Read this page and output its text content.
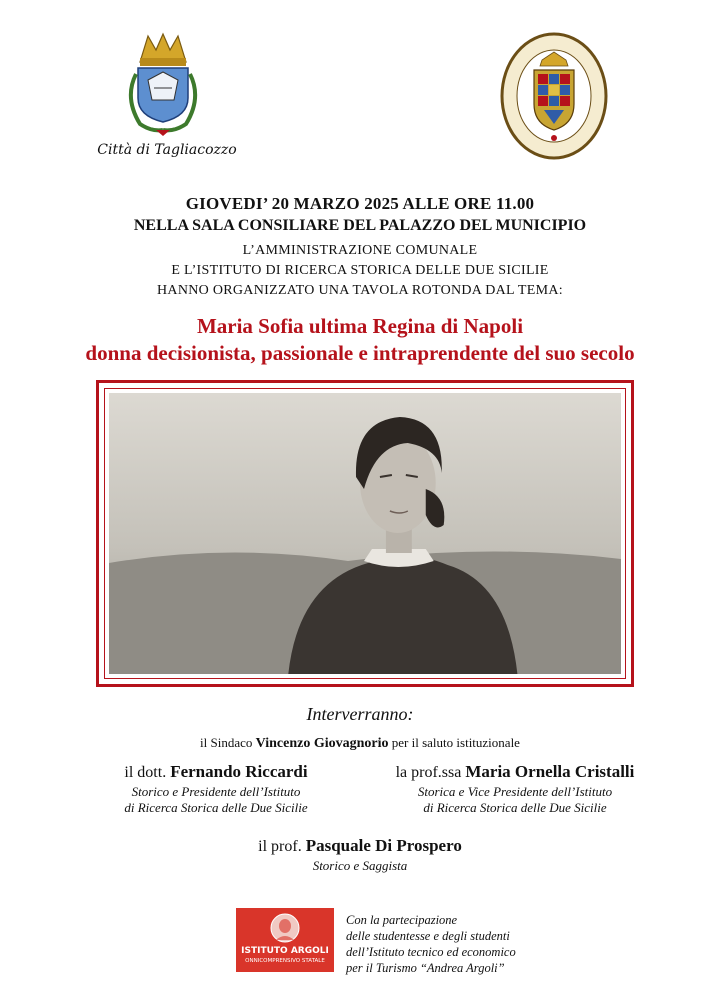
Città di Tagliacozzo
GIOVEDI’ 20 MARZO 2025 ALLE ORE 11.00
NELLA SALA CONSILIARE DEL PALAZZO DEL MUNICIPIO
L’AMMINISTRAZIONE COMUNALE
E L’ISTITUTO DI RICERCA STORICA DELLE DUE SICILIE
HANNO ORGANIZZATO UNA TAVOLA ROTONDA DAL TEMA:
Maria Sofia ultima Regina di Napoli
donna decisionista, passionale e intraprendente del suo secolo
Interverranno:
il Sindaco Vincenzo Giovagnorio per il saluto istituzionale
il dott. Fernando Riccardi
Storico e Presidente dell’Istituto
di Ricerca Storica delle Due Sicilie
la prof.ssa Maria Ornella Cristalli
Storica e Vice Presidente dell’Istituto
di Ricerca Storica delle Due Sicilie
il prof. Pasquale Di Prospero
Storico e Saggista
ISTITUTO ARGOLI
ONNICOMPRENSIVO STATALE
Con la partecipazione
delle studentesse e degli studenti
dell’Istituto tecnico ed economico
per il Turismo “Andrea Argoli”
